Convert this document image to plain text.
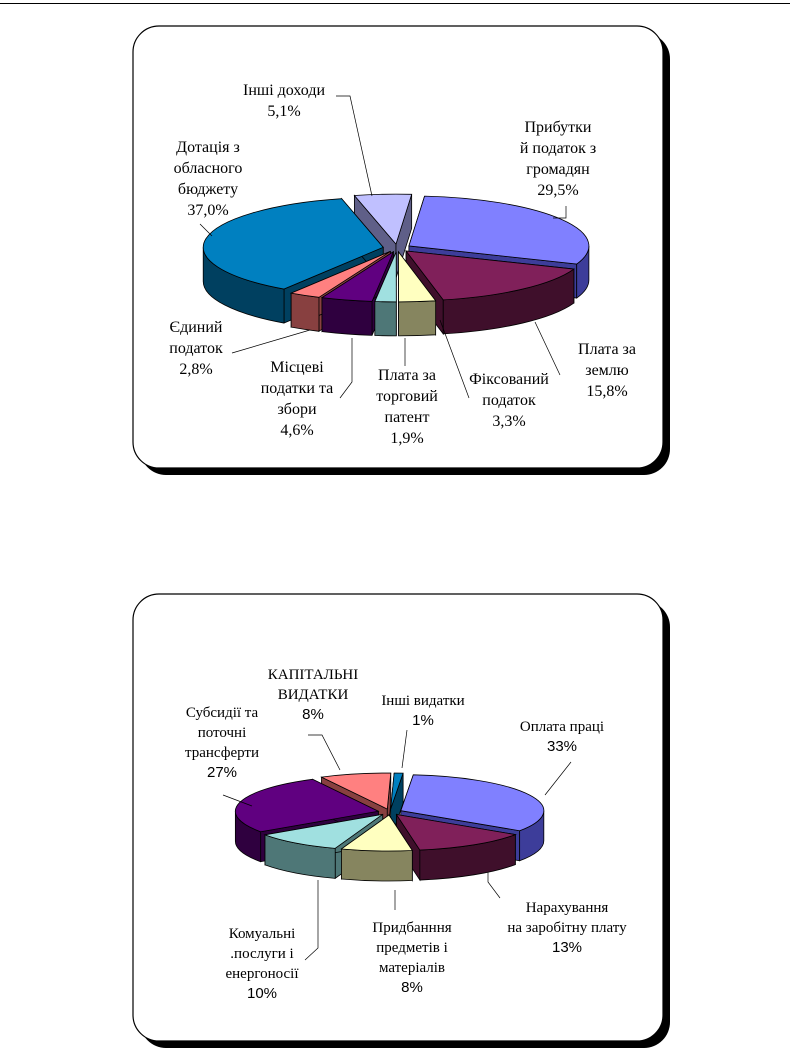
Прибутки й податок з громадян 29,5%
Плата за землю 15,8%
Фіксований податок 3,3%
Плата за торговий патент 1,9%
Місцеві податки та збори 4,6%
Єдиний податок 2,8%
Дотація з обласного бюджету 37,0%
Інші доходи 5,1%
Оплата праці 33%
Нарахування на заробітну плату 13%
Придбанння предметів і матеріалів 8%
Комуальні .послуги і енергоносії 10%
Субсидії та поточні трансферти 27%
КАПІТАЛЬНІ ВИДАТКИ 8%
Інші видатки 1%
